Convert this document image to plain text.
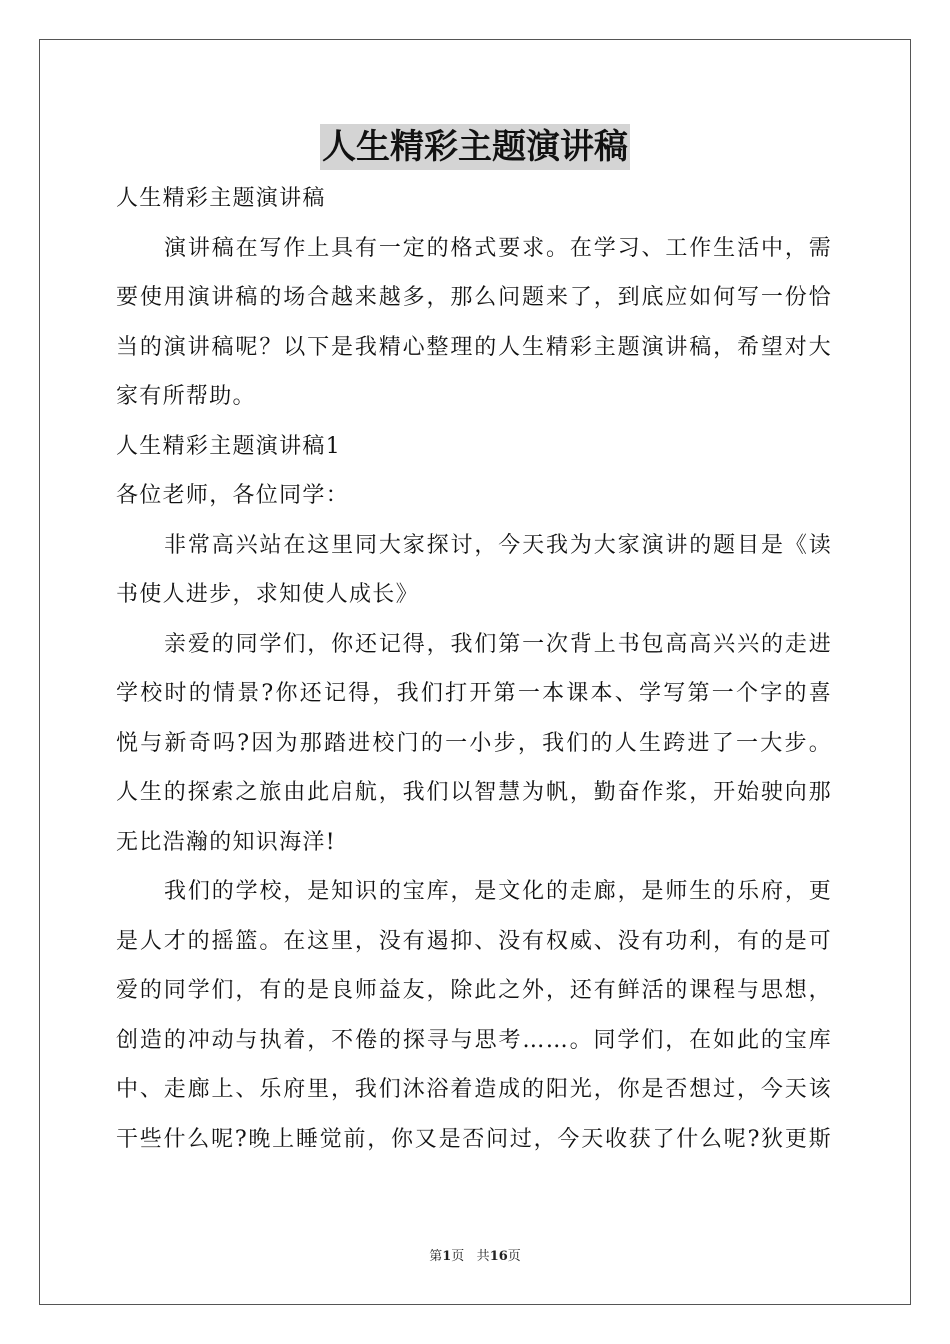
人生精彩主题演讲稿
人生精彩主题演讲稿
演讲稿在写作上具有一定的格式要求。在学习、工作生活中，需
要使用演讲稿的场合越来越多，那么问题来了，到底应如何写一份恰
当的演讲稿呢？以下是我精心整理的人生精彩主题演讲稿，希望对大
家有所帮助。
人生精彩主题演讲稿1
各位老师，各位同学：
非常高兴站在这里同大家探讨，今天我为大家演讲的题目是《读
书使人进步，求知使人成长》
亲爱的同学们，你还记得，我们第一次背上书包高高兴兴的走进
学校时的情景?你还记得，我们打开第一本课本、学写第一个字的喜
悦与新奇吗?因为那踏进校门的一小步，我们的人生跨进了一大步。
人生的探索之旅由此启航，我们以智慧为帆，勤奋作浆，开始驶向那
无比浩瀚的知识海洋!
我们的学校，是知识的宝库，是文化的走廊，是师生的乐府，更
是人才的摇篮。在这里，没有遏抑、没有权威、没有功利，有的是可
爱的同学们，有的是良师益友，除此之外，还有鲜活的课程与思想，
创造的冲动与执着，不倦的探寻与思考……。同学们，在如此的宝库
中、走廊上、乐府里，我们沐浴着造成的阳光，你是否想过，今天该
干些什么呢?晚上睡觉前，你又是否问过，今天收获了什么呢?狄更斯
第1页 共16页
